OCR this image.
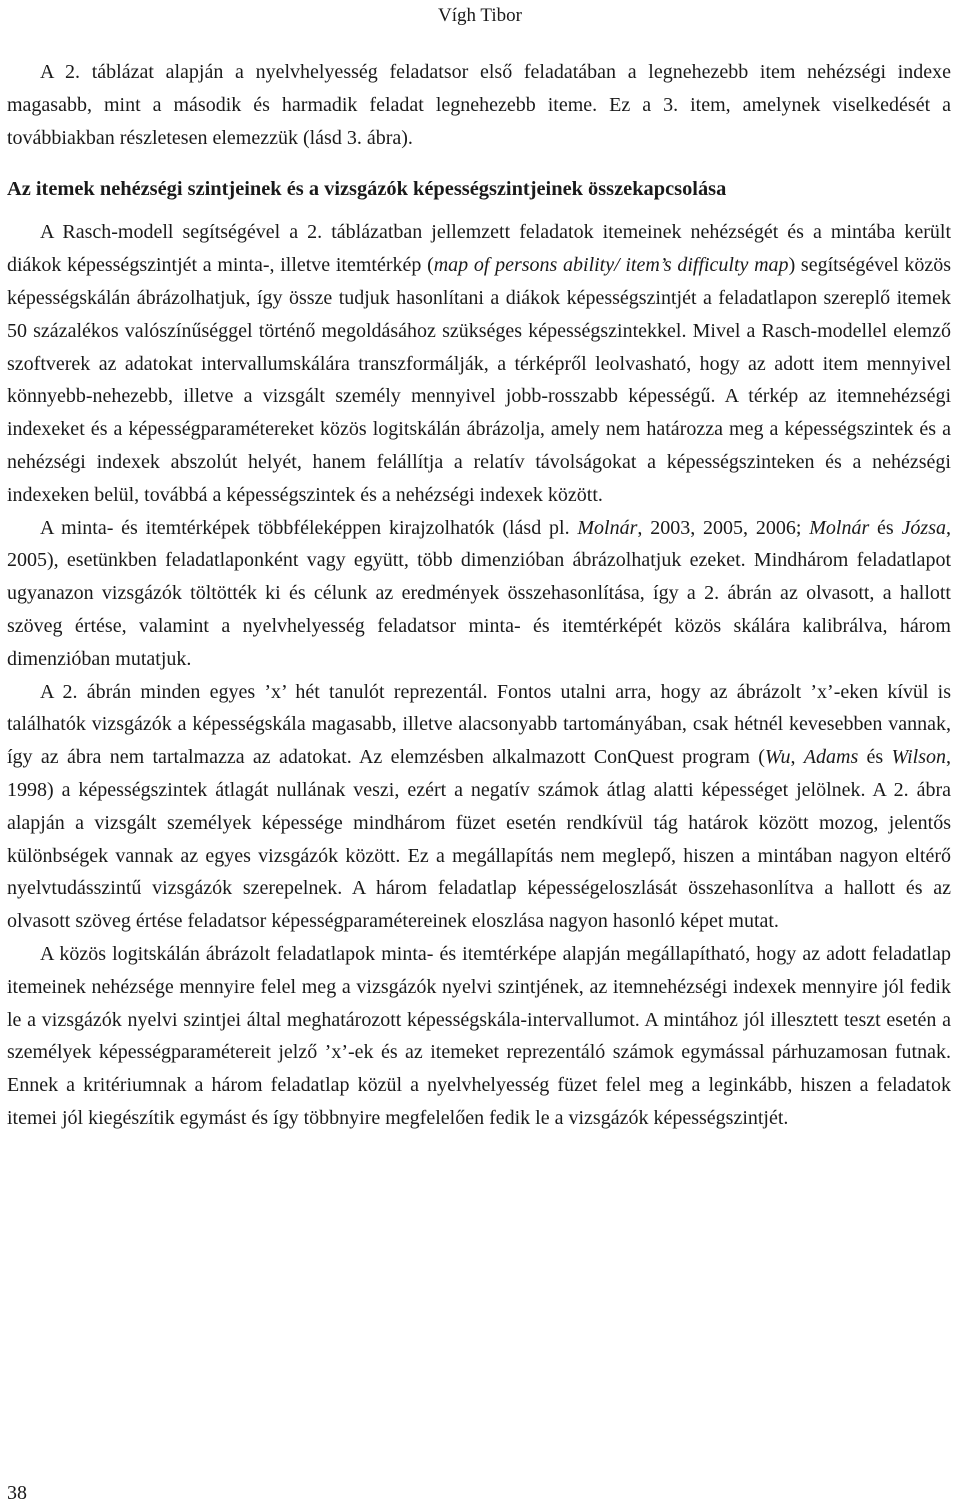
Vígh Tibor

A 2. táblázat alapján a nyelvhelyesség feladatsor első feladatában a legnehezebb item nehézségi indexe magasabb, mint a második és harmadik feladat legnehezebb iteme. Ez a 3. item, amelynek viselkedését a továbbiakban részletesen elemezzük (lásd 3. ábra).

Az itemek nehézségi szintjeinek és a vizsgázók képességszintjeinek összekapcsolása

A Rasch-modell segítségével a 2. táblázatban jellemzett feladatok itemeinek nehézségét és a mintába került diákok képességszintjét a minta-, illetve itemtérkép (map of persons ability/ item’s difficulty map) segítségével közös képességskálán ábrázolhatjuk, így össze tudjuk hasonlítani a diákok képességszintjét a feladatlapon szereplő itemek 50 százalékos valószínűséggel történő megoldásához szükséges képességszintekkel. Mivel a Rasch-modellel elemző szoftverek az adatokat intervallumskálára transzformálják, a térképről leolvasható, hogy az adott item mennyivel könnyebb-nehezebb, illetve a vizsgált személy mennyivel jobb-rosszabb képességű. A térkép az itemnehézségi indexeket és a képességparamétereket közös logitskálán ábrázolja, amely nem határozza meg a képességszintek és a nehézségi indexek abszolút helyét, hanem felállítja a relatív távolságokat a képességszinteken és a nehézségi indexeken belül, továbbá a képességszintek és a nehézségi indexek között.

A minta- és itemtérképek többféleképpen kirajzolhatók (lásd pl. Molnár, 2003, 2005, 2006; Molnár és Józsa, 2005), esetünkben feladatlaponként vagy együtt, több dimenzióban ábrázolhatjuk ezeket. Mindhárom feladatlapot ugyanazon vizsgázók töltötték ki és célunk az eredmények összehasonlítása, így a 2. ábrán az olvasott, a hallott szöveg értése, valamint a nyelvhelyesség feladatsor minta- és itemtérképét közös skálára kalibrálva, három dimenzióban mutatjuk.

A 2. ábrán minden egyes ’x’ hét tanulót reprezentál. Fontos utalni arra, hogy az ábrázolt ’x’-eken kívül is találhatók vizsgázók a képességskála magasabb, illetve alacsonyabb tartományában, csak hétnél kevesebben vannak, így az ábra nem tartalmazza az adatokat. Az elemzésben alkalmazott ConQuest program (Wu, Adams és Wilson, 1998) a képességszintek átlagát nullának veszi, ezért a negatív számok átlag alatti képességet jelölnek. A 2. ábra alapján a vizsgált személyek képessége mindhárom füzet esetén rendkívül tág határok között mozog, jelentős különbségek vannak az egyes vizsgázók között. Ez a megállapítás nem meglepő, hiszen a mintában nagyon eltérő nyelvtudásszintű vizsgázók szerepelnek. A három feladatlap képességeloszlását összehasonlítva a hallott és az olvasott szöveg értése feladatsor képességparamétereinek eloszlása nagyon hasonló képet mutat.

A közös logitskálán ábrázolt feladatlapok minta- és itemtérképe alapján megállapítható, hogy az adott feladatlap itemeinek nehézsége mennyire felel meg a vizsgázók nyelvi szintjének, az itemnehézségi indexek mennyire jól fedik le a vizsgázók nyelvi szintjei által meghatározott képességskála-intervallumot. A mintához jól illesztett teszt esetén a személyek képességparamétereit jelző ’x’-ek és az itemeket reprezentáló számok egymással párhuzamosan futnak. Ennek a kritériumnak a három feladatlap közül a nyelvhelyesség füzet felel meg a leginkább, hiszen a feladatok itemei jól kiegészítik egymást és így többnyire megfelelően fedik le a vizsgázók képességszintjét.

38
